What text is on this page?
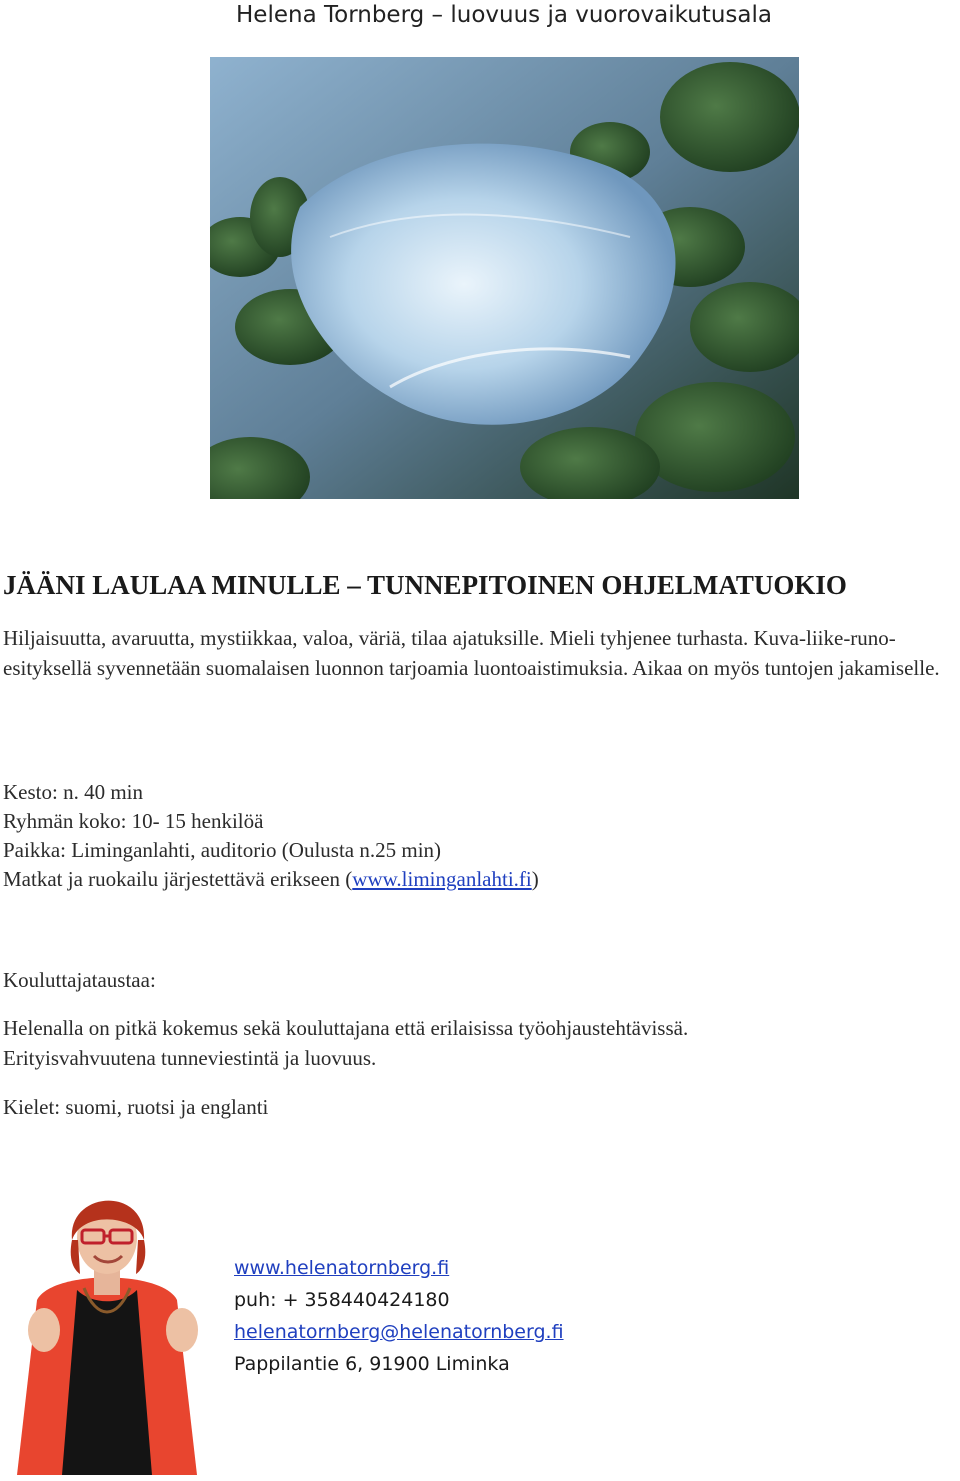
Helena Tornberg – luovuus ja vuorovaikutusala
JÄÄNI LAULAA MINULLE – TUNNEPITOINEN OHJELMATUOKIO
Hiljaisuutta, avaruutta, mystiikkaa, valoa, väriä, tilaa ajatuksille. Mieli tyhjenee turhasta. Kuva-liike-runo-esityksellä syvennetään suomalaisen luonnon tarjoamia luontoaistimuksia. Aikaa on myös tuntojen jakamiselle.
Kesto: n. 40 min
Ryhmän koko: 10- 15 henkilöä
Paikka: Liminganlahti, auditorio (Oulusta n.25 min)
Matkat ja ruokailu järjestettävä erikseen (www.liminganlahti.fi)
Kouluttajataustaa:
Helenalla on pitkä kokemus sekä kouluttajana että erilaisissa työohjaustehtävissä.
Erityisvahvuutena tunneviestintä ja luovuus.
Kielet: suomi, ruotsi ja englanti
www.helenatornberg.fi
puh: + 358440424180
helenatornberg@helenatornberg.fi
Pappilantie 6, 91900 Liminka
